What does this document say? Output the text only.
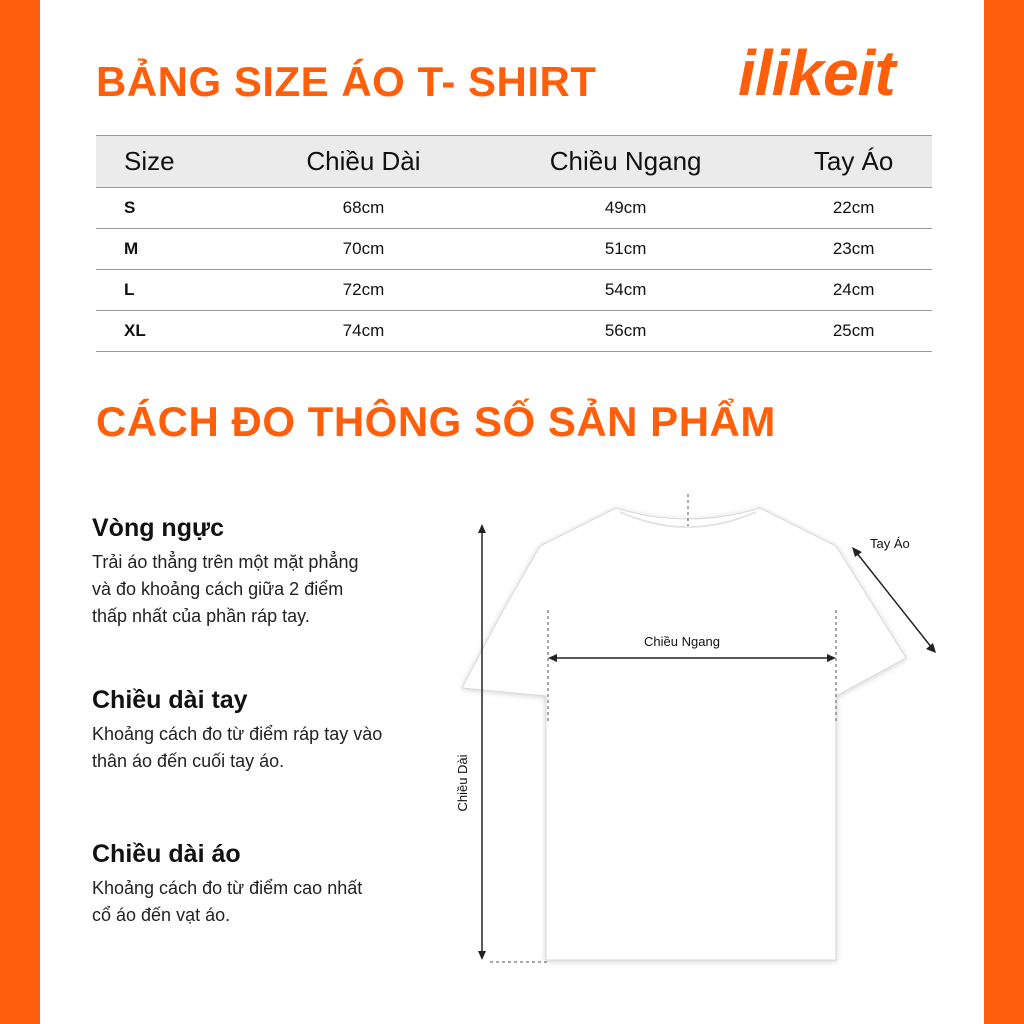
BẢNG SIZE ÁO T- SHIRT ilikeit
Size	Chiều Dài	Chiều Ngang	Tay Áo
S	68cm	49cm	22cm
M	70cm	51cm	23cm
L	72cm	54cm	24cm
XL	74cm	56cm	25cm
CÁCH ĐO THÔNG SỐ SẢN PHẨM
Vòng ngực

Trải áo thẳng trên một mặt phẳng
và đo khoảng cách giữa 2 điểm
thấp nhất của phần ráp tay.

Chiều dài tay

Khoảng cách đo từ điểm ráp tay vào
thân áo đến cuối tay áo.

Chiều dài áo

Khoảng cách đo từ điểm cao nhất
cổ áo đến vạt áo.

Chiều Ngang
Chiều Dài
Tay Áo
